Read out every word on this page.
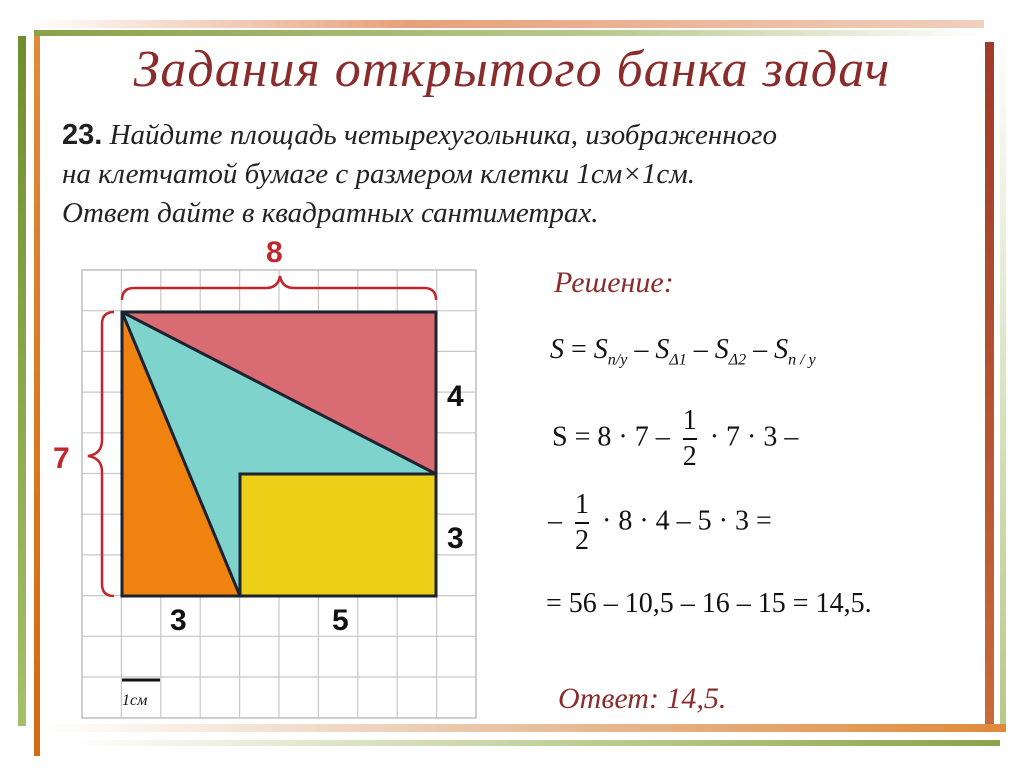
Задания открытого банка задач
23. Найдите площадь четырехугольника, изображенного
на клетчатой бумаге с размером клетки 1см×1см.
Ответ дайте в квадратных сантиметрах.
8
7
4
3
3	5
1см
Решение:
$S = S_{п/у} - S_{\Delta 1} - S_{\Delta 2} - S_{п / у}$
$S = 8 \cdot 7 - \frac{1}{2} \cdot 7 \cdot 3$ –
– $\frac{1}{2} \cdot 8 \cdot 4 - 5 \cdot 3$ =
= 56 – 10,5 – 16 – 15 = 14,5.
Ответ: 14,5.
